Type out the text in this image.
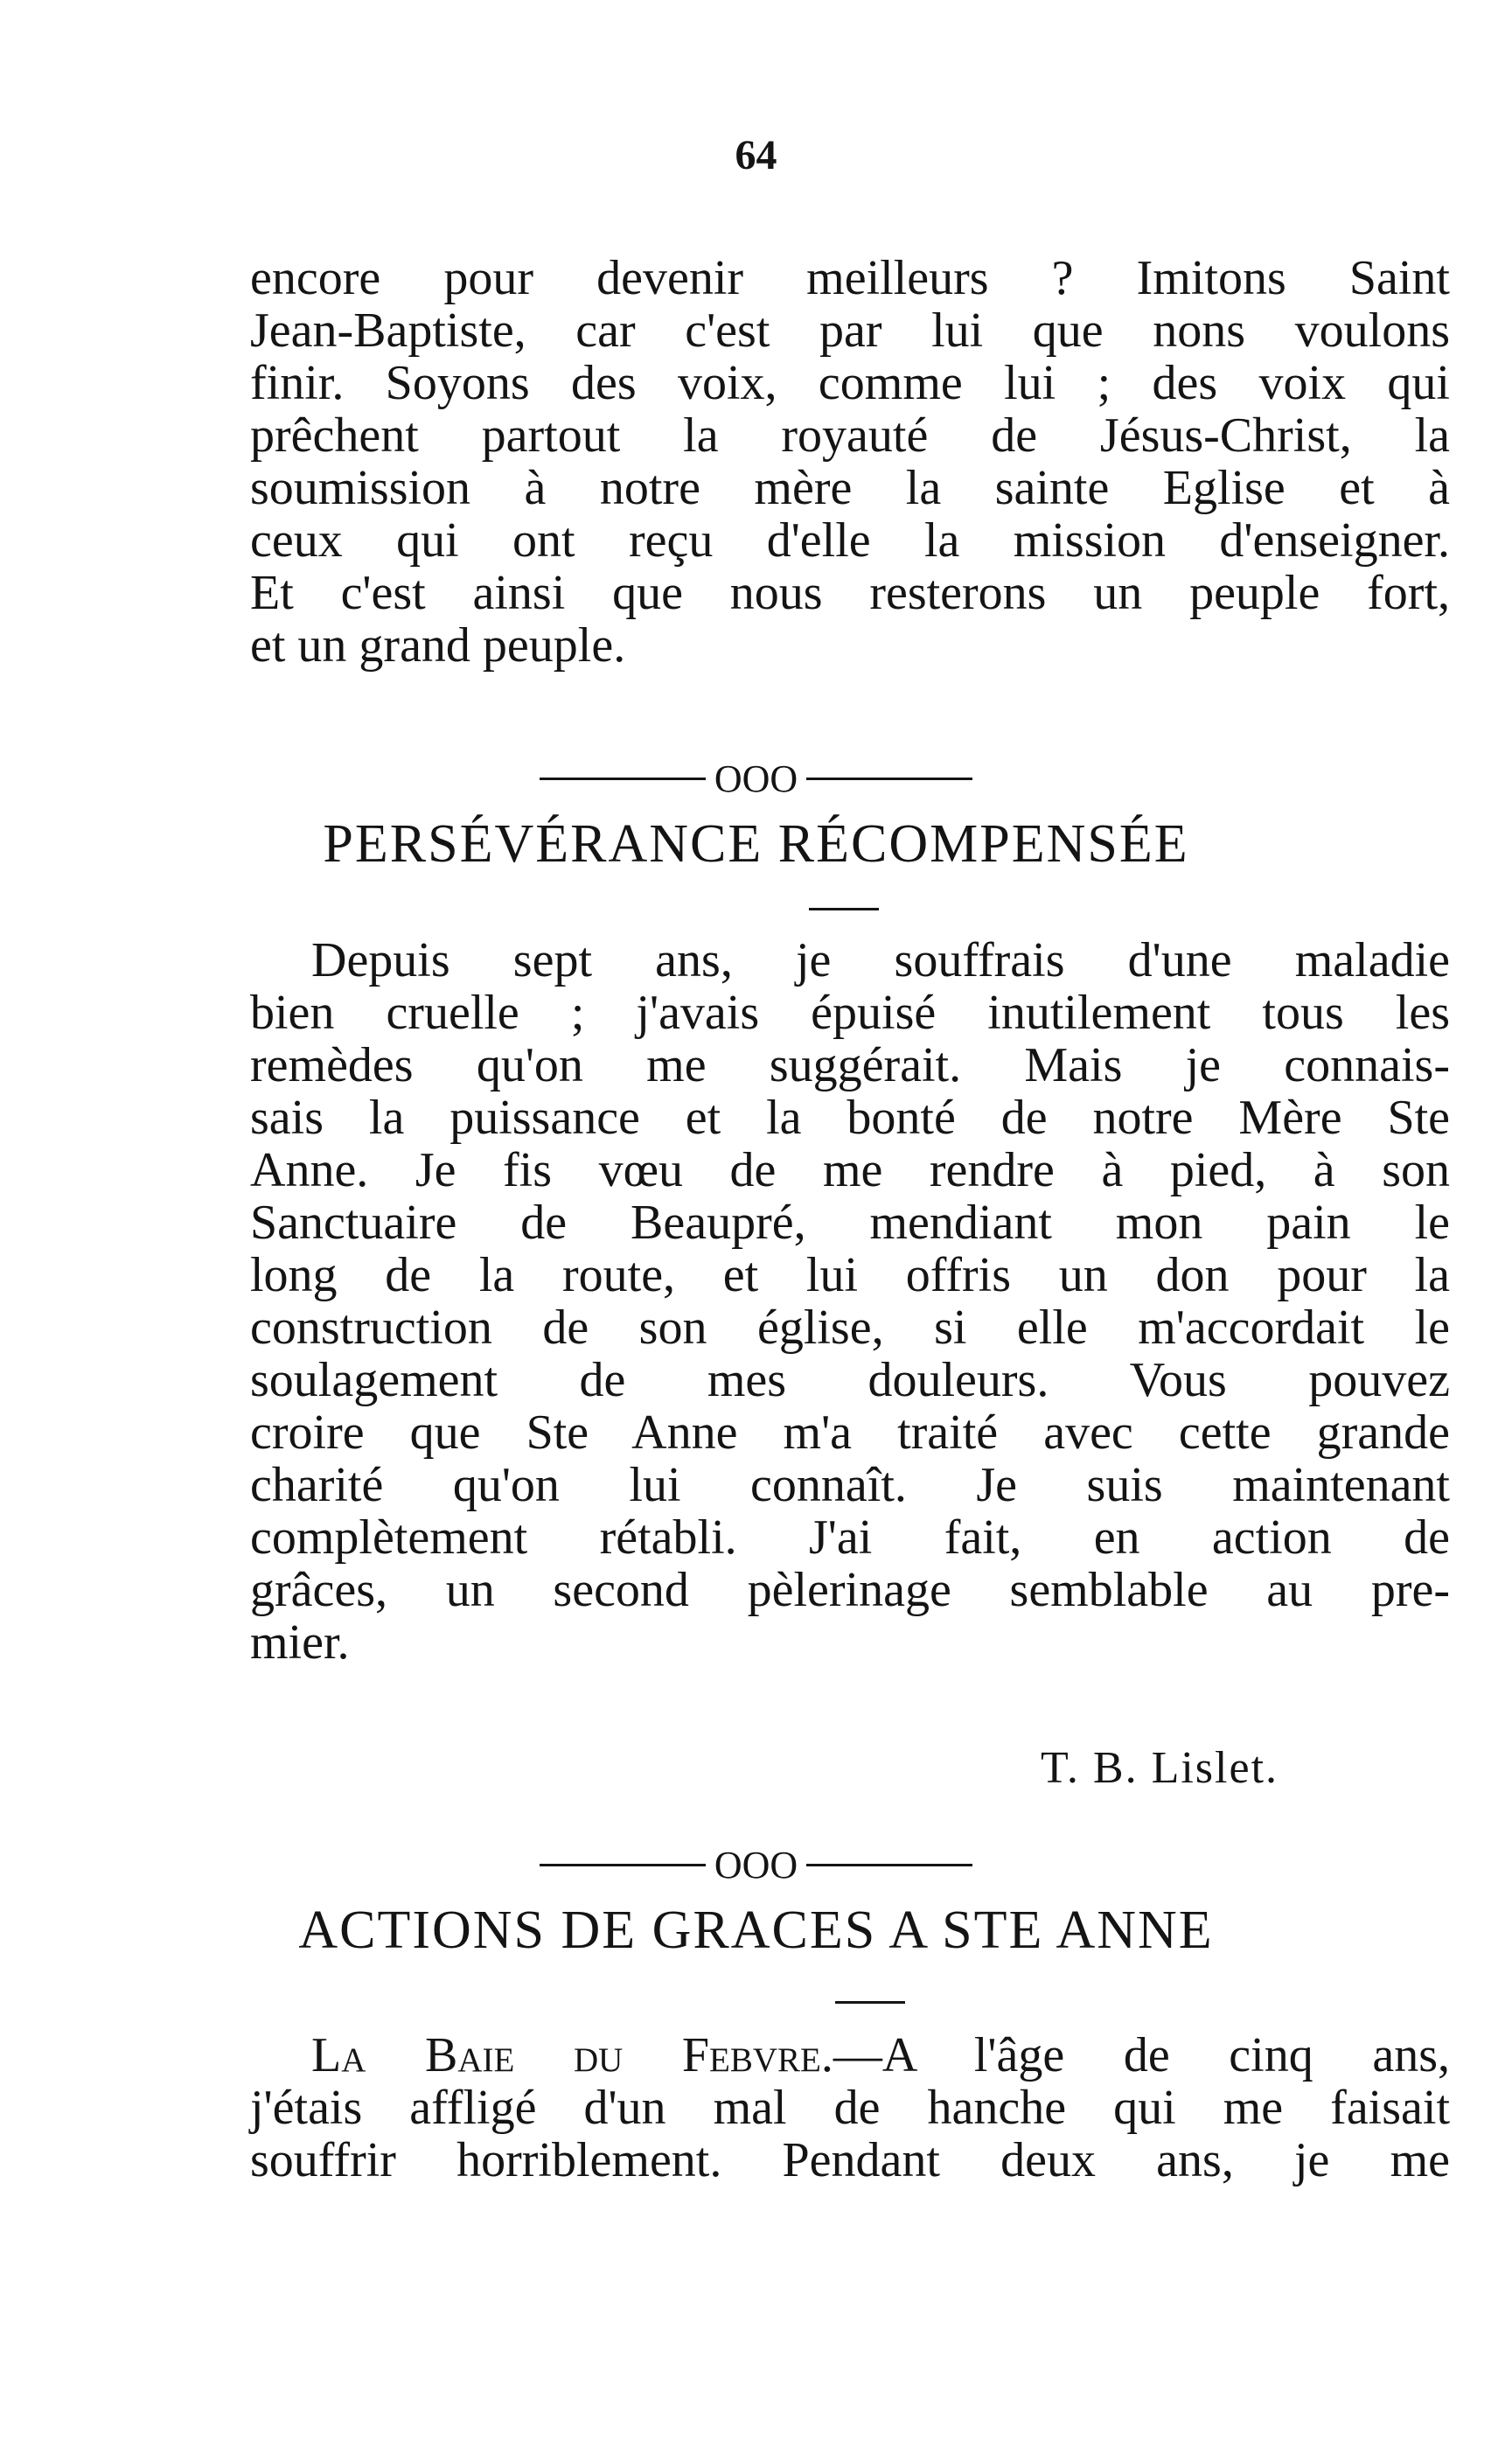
64
encore pour devenir meilleurs ? Imitons Saint
Jean-Baptiste, car c'est par lui que nons voulons
finir. Soyons des voix, comme lui ; des voix qui
prêchent partout la royauté de Jésus-Christ, la
soumission à notre mère la sainte Eglise et à
ceux qui ont reçu d'elle la mission d'enseigner.
Et c'est ainsi que nous resterons un peuple fort,
et un grand peuple.
OOO
PERSÉVÉRANCE RÉCOMPENSÉE
Depuis sept ans, je souffrais d'une maladie
bien cruelle ; j'avais épuisé inutilement tous les
remèdes qu'on me suggérait. Mais je connais-
sais la puissance et la bonté de notre Mère Ste
Anne. Je fis vœu de me rendre à pied, à son
Sanctuaire de Beaupré, mendiant mon pain le
long de la route, et lui offris un don pour la
construction de son église, si elle m'accordait le
soulagement de mes douleurs. Vous pouvez
croire que Ste Anne m'a traité avec cette grande
charité qu'on lui connaît. Je suis maintenant
complètement rétabli. J'ai fait, en action de
grâces, un second pèlerinage semblable au pre-
mier.
T. B. Lislet.
OOO
ACTIONS DE GRACES A STE ANNE
La Baie du Febvre.—A l'âge de cinq ans,
j'étais affligé d'un mal de hanche qui me faisait
souffrir horriblement. Pendant deux ans, je me
